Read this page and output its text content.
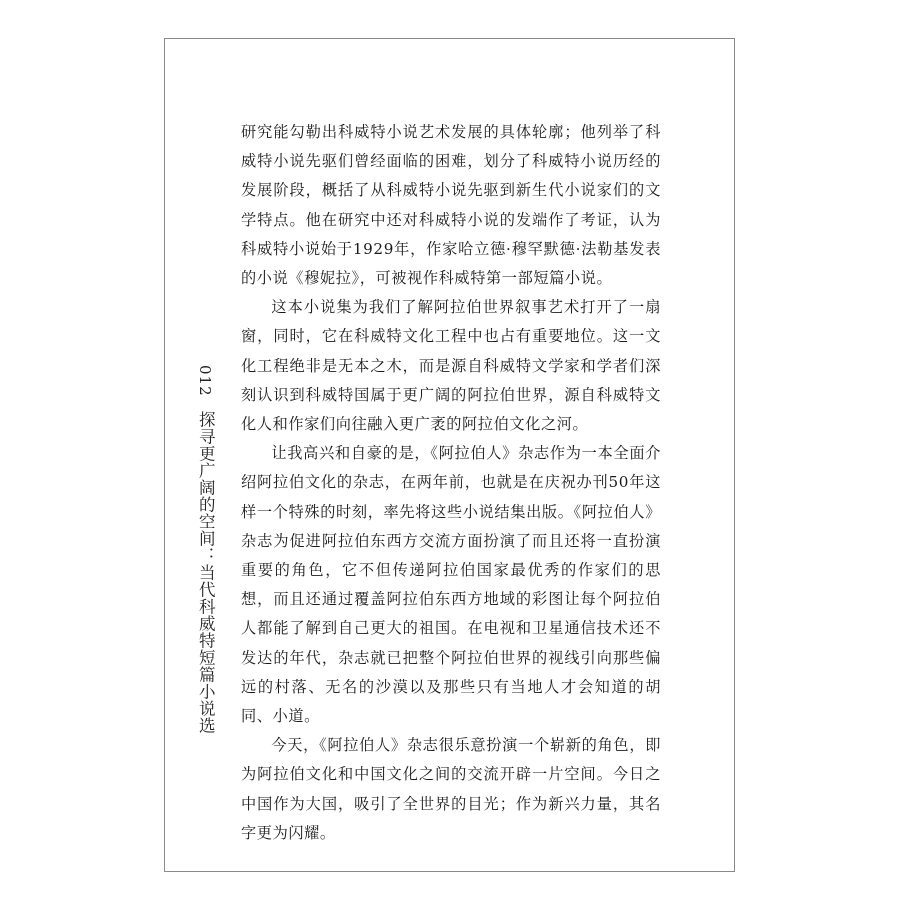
012
探寻更广阔的空间：当代科威特短篇小说选

研究能勾勒出科威特小说艺术发展的具体轮廓；他列举了科威特小说先驱们曾经面临的困难，划分了科威特小说历经的发展阶段，概括了从科威特小说先驱到新生代小说家们的文学特点。他在研究中还对科威特小说的发端作了考证，认为科威特小说始于1929年，作家哈立德·穆罕默德·法勒基发表的小说《穆妮拉》，可被视作科威特第一部短篇小说。

这本小说集为我们了解阿拉伯世界叙事艺术打开了一扇窗，同时，它在科威特文化工程中也占有重要地位。这一文化工程绝非是无本之木，而是源自科威特文学家和学者们深刻认识到科威特国属于更广阔的阿拉伯世界，源自科威特文化人和作家们向往融入更广袤的阿拉伯文化之河。

让我高兴和自豪的是，《阿拉伯人》杂志作为一本全面介绍阿拉伯文化的杂志，在两年前，也就是在庆祝办刊50年这样一个特殊的时刻，率先将这些小说结集出版。《阿拉伯人》杂志为促进阿拉伯东西方交流方面扮演了而且还将一直扮演重要的角色，它不但传递阿拉伯国家最优秀的作家们的思想，而且还通过覆盖阿拉伯东西方地域的彩图让每个阿拉伯人都能了解到自己更大的祖国。在电视和卫星通信技术还不发达的年代，杂志就已把整个阿拉伯世界的视线引向那些偏远的村落、无名的沙漠以及那些只有当地人才会知道的胡同、小道。

今天，《阿拉伯人》杂志很乐意扮演一个崭新的角色，即为阿拉伯文化和中国文化之间的交流开辟一片空间。今日之中国作为大国，吸引了全世界的目光；作为新兴力量，其名字更为闪耀。
